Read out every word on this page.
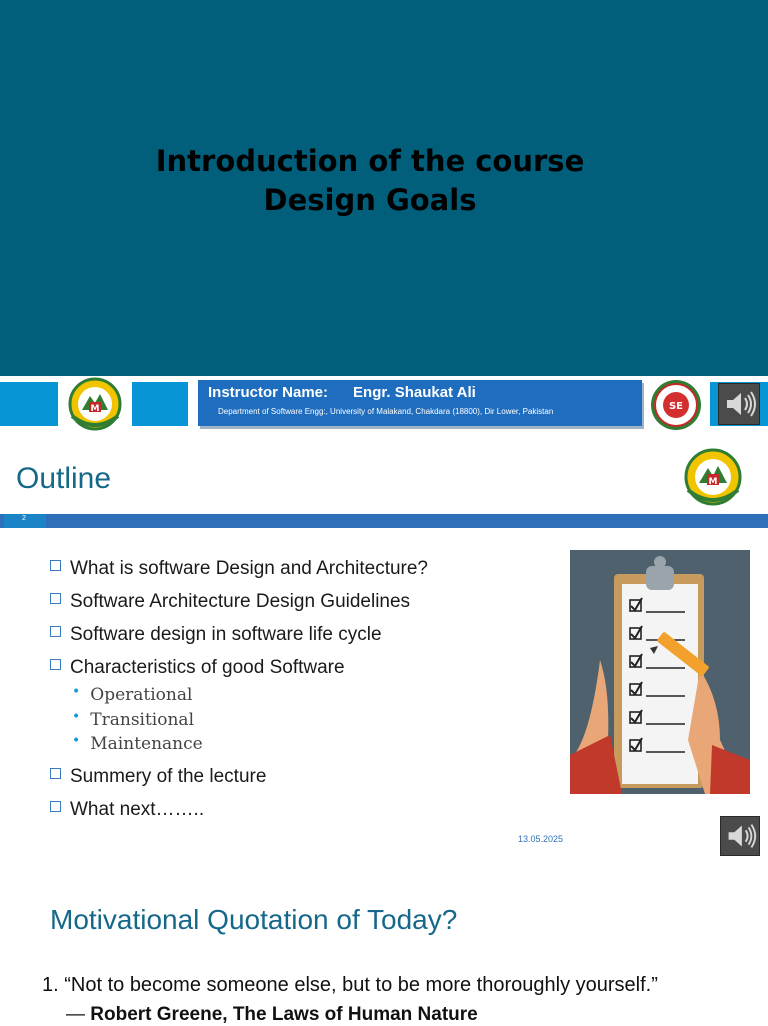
Introduction of the course
Design Goals
M
Instructor Name:      Engr. Shaukat Ali
Department of Software Engg:, University of Malakand, Chakdara (18800), Dir Lower, Pakistan	SE
Outline	M
2
What is software Design and Architecture?
Software Architecture Design Guidelines
Software design in software life cycle
Characteristics of good Software
• Operational
• Transitional
• Maintenance
Summery of the lecture
What next……..
13.05.2025
Motivational Quotation of Today?
1. “Not to become someone else, but to be more thoroughly yourself.”
— Robert Greene, The Laws of Human Nature
